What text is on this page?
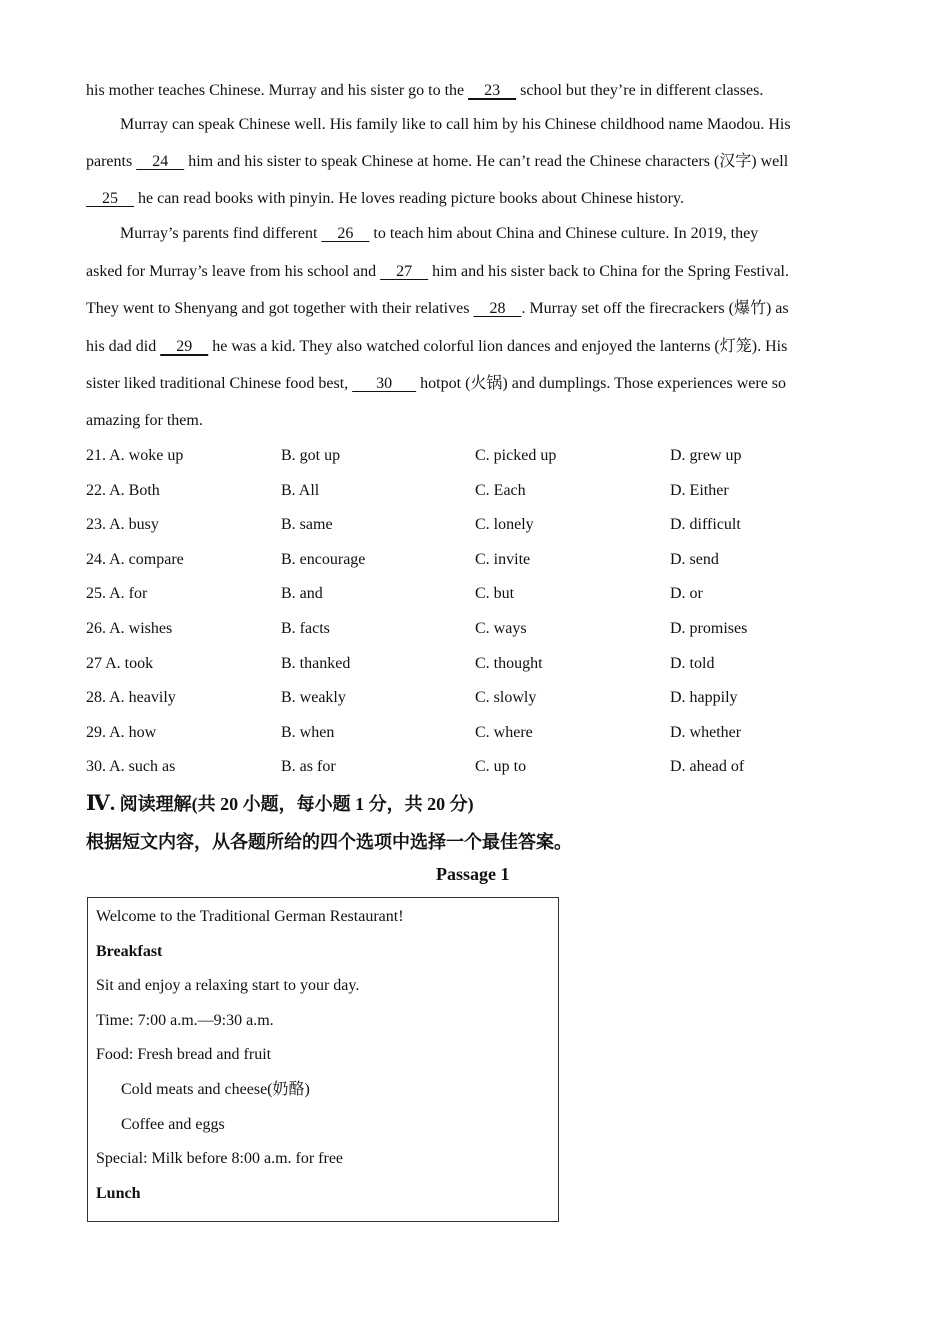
his mother teaches Chinese. Murray and his sister go to the     23     school but they’re in different classes.
Murray can speak Chinese well. His family like to call him by his Chinese childhood name Maodou. His
parents     24     him and his sister to speak Chinese at home. He can’t read the Chinese characters (汉字) well
25     he can read books with pinyin. He loves reading picture books about Chinese history.
Murray’s parents find different     26     to teach him about China and Chinese culture. In 2019, they
asked for Murray’s leave from his school and     27     him and his sister back to China for the Spring Festival.
They went to Shenyang and got together with their relatives     28    . Murray set off the firecrackers (爆竹) as
his dad did     29     he was a kid. They also watched colorful lion dances and enjoyed the lanterns (灯笼). His
sister liked traditional Chinese food best,       30       hotpot (火锅) and dumplings. Those experiences were so
amazing for them.
21. A. woke up	B. got up	C. picked up	D. grew up
22. A. Both	B. All	C. Each	D. Either
23. A. busy	B. same	C. lonely	D. difficult
24. A. compare	B. encourage	C. invite	D. send
25. A. for	B. and	C. but	D. or
26. A. wishes	B. facts	C. ways	D. promises
27 A. took	B. thanked	C. thought	D. told
28. A. heavily	B. weakly	C. slowly	D. happily
29. A. how	B. when	C. where	D. whether
30. A. such as	B. as for	C. up to	D. ahead of
Ⅳ. 阅读理解(共 20 小题，每小题 1 分，共 20 分)
根据短文内容，从各题所给的四个选项中选择一个最佳答案。
Passage 1
Welcome to the Traditional German Restaurant!
Breakfast
Sit and enjoy a relaxing start to your day.
Time: 7:00 a.m.—9:30 a.m.
Food: Fresh bread and fruit
Cold meats and cheese(奶酪)
Coffee and eggs
Special: Milk before 8:00 a.m. for free
Lunch
